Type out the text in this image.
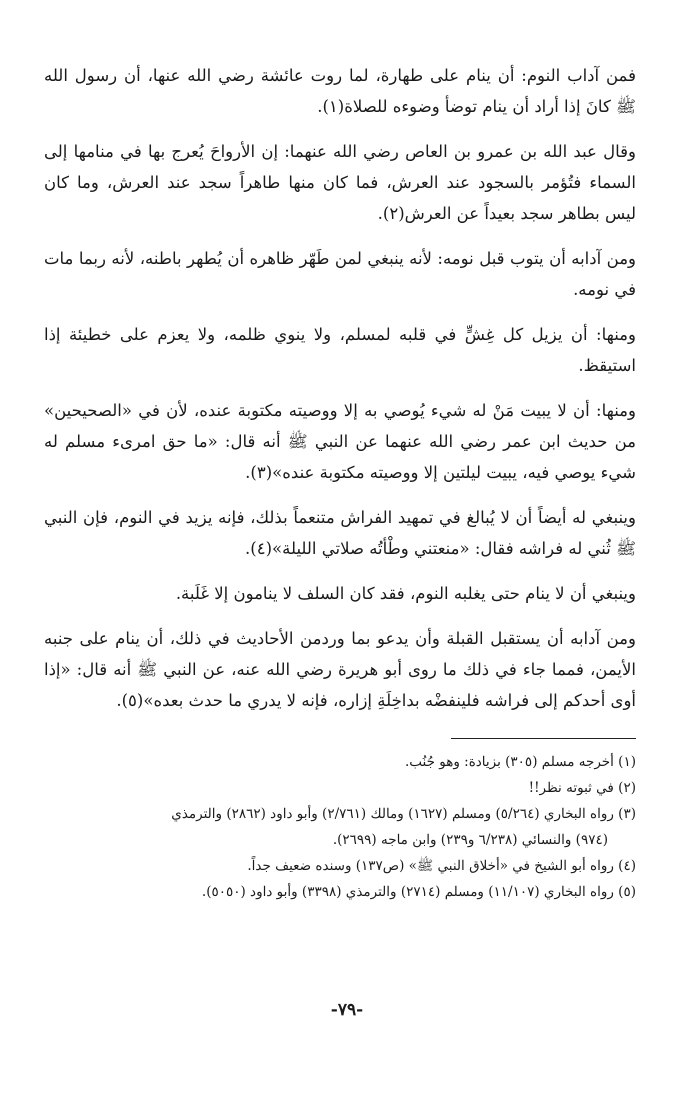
فمن آداب النوم: أن ينام على طهارة، لما روت عائشة رضي الله عنها، أن رسول الله ﷺ كانَ إذا أراد أن ينام توضأ وضوءه للصلاة(١).

وقال عبد الله بن عمرو بن العاص رضي الله عنهما: إن الأرواحَ يُعرج بها في منامها إلى السماء فتُؤمر بالسجود عند العرش، فما كان منها طاهراً سجد عند العرش، وما كان ليس بطاهر سجد بعيداً عن العرش(٢).

ومن آدابه أن يتوب قبل نومه: لأنه ينبغي لمن طَهّر ظاهره أن يُطهر باطنه، لأنه ربما مات في نومه.

ومنها: أن يزيل كل غِشٍّ في قلبه لمسلم، ولا ينوي ظلمه، ولا يعزم على خطيئة إذا استيقظ.

ومنها: أن لا يبيت مَنْ له شيء يُوصي به إلا ووصيته مكتوبة عنده، لأن في «الصحيحين» من حديث ابن عمر رضي الله عنهما عن النبي ﷺ أنه قال: «ما حق امرىء مسلم له شيء يوصي فيه، يبيت ليلتين إلا ووصيته مكتوبة عنده»(٣).

وينبغي له أيضاً أن لا يُبالغ في تمهيد الفراش متنعماً بذلك، فإنه يزيد في النوم، فإن النبي ﷺ ثُني له فراشه فقال: «منعتني وطْأتُه صلاتي الليلة»(٤).

وينبغي أن لا ينام حتى يغلبه النوم، فقد كان السلف لا ينامون إلا غَلَبة.

ومن آدابه أن يستقبل القبلة وأن يدعو بما وردمن الأحاديث في ذلك، أن ينام على جنبه الأيمن، فمما جاء في ذلك ما روى أبو هريرة رضي الله عنه، عن النبي ﷺ أنه قال: «إذا أوى أحدكم إلى فراشه فلينفضْه بداخِلَةِ إزاره، فإنه لا يدري ما حدث بعده»(٥).

(١) أخرجه مسلم (٣٠٥) بزيادة: وهو جُنُب.

(٢) في ثبوته نظر!!

(٣) رواه البخاري (٥/٢٦٤) ومسلم (١٦٢٧) ومالك (٢/٧٦١) وأبو داود (٢٨٦٢) والترمذي

(٩٧٤) والنسائي (٦/٢٣٨ و٢٣٩) وابن ماجه (٢٦٩٩).

(٤) رواه أبو الشيخ في «أخلاق النبي ﷺ» (ص١٣٧) وسنده ضعيف جداً.

(٥) رواه البخاري (١١/١٠٧) ومسلم (٢٧١٤) والترمذي (٣٣٩٨) وأبو داود (٥٠٥٠).

-٧٩-
